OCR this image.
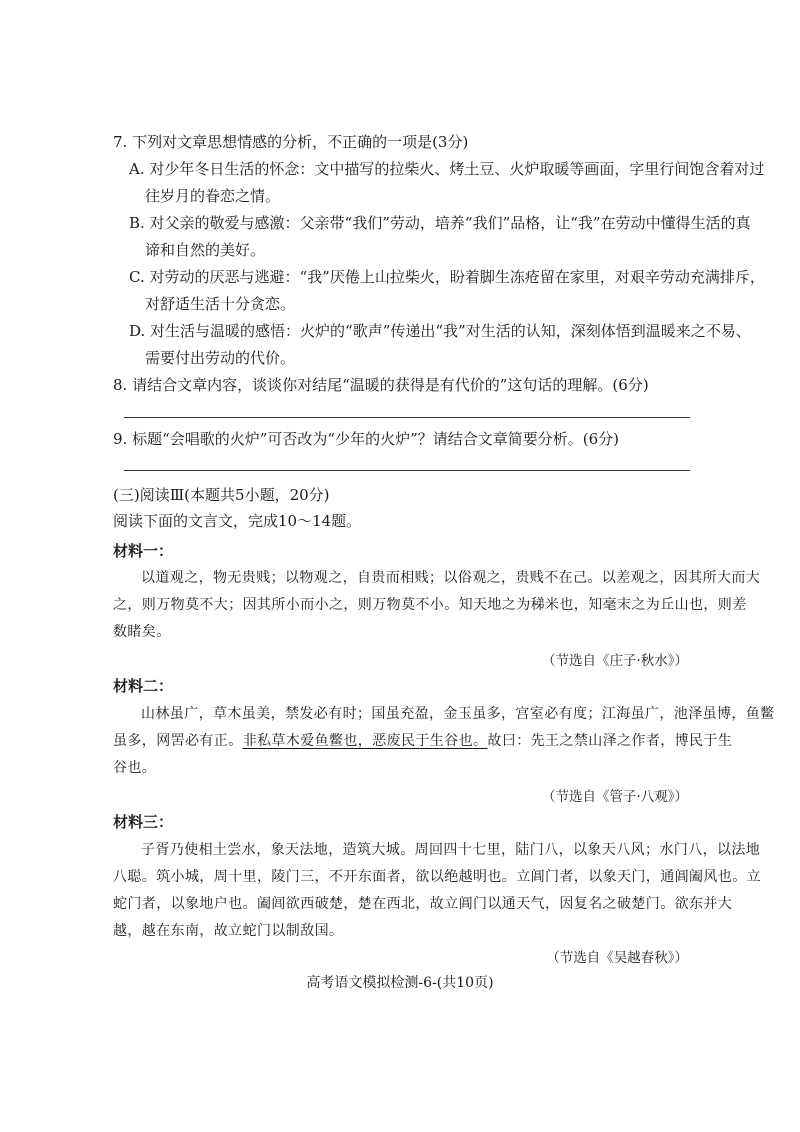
7. 下列对文章思想情感的分析，不正确的一项是(3分)
A. 对少年冬日生活的怀念：文中描写的拉柴火、烤土豆、火炉取暖等画面，字里行间饱含着对过
往岁月的眷恋之情。
B. 对父亲的敬爱与感激：父亲带“我们”劳动，培养“我们”品格，让“我”在劳动中懂得生活的真
谛和自然的美好。
C. 对劳动的厌恶与逃避：“我”厌倦上山拉柴火，盼着脚生冻疮留在家里，对艰辛劳动充满排斥，
对舒适生活十分贪恋。
D. 对生活与温暖的感悟：火炉的“歌声”传递出“我”对生活的认知，深刻体悟到温暖来之不易、
需要付出劳动的代价。
8. 请结合文章内容，谈谈你对结尾“温暖的获得是有代价的”这句话的理解。(6分)
9. 标题“会唱歌的火炉”可否改为“少年的火炉”？请结合文章简要分析。(6分)
(三)阅读Ⅲ(本题共5小题，20分)
阅读下面的文言文，完成10～14题。
材料一：
以道观之，物无贵贱；以物观之，自贵而相贱；以俗观之，贵贱不在己。以差观之，因其所大而大
之，则万物莫不大；因其所小而小之，则万物莫不小。知天地之为稊米也，知毫末之为丘山也，则差
数睹矣。
（节选自《庄子·秋水》）
材料二：
山林虽广，草木虽美，禁发必有时；国虽充盈，金玉虽多，宫室必有度；江海虽广，池泽虽博，鱼鳖
虽多，网罟必有正。非私草木爱鱼鳖也，恶废民于生谷也。故曰：先王之禁山泽之作者，博民于生
谷也。
（节选自《管子·八观》）
材料三：
子胥乃使相土尝水，象天法地，造筑大城。周回四十七里，陆门八，以象天八风；水门八，以法地
八聪。筑小城，周十里，陵门三，不开东面者，欲以绝越明也。立阊门者，以象天门，通阊阖风也。立
蛇门者，以象地户也。阖闾欲西破楚，楚在西北，故立阊门以通天气，因复名之破楚门。欲东并大
越，越在东南，故立蛇门以制敌国。
（节选自《吴越春秋》）
高考语文模拟检测-6-(共10页)
